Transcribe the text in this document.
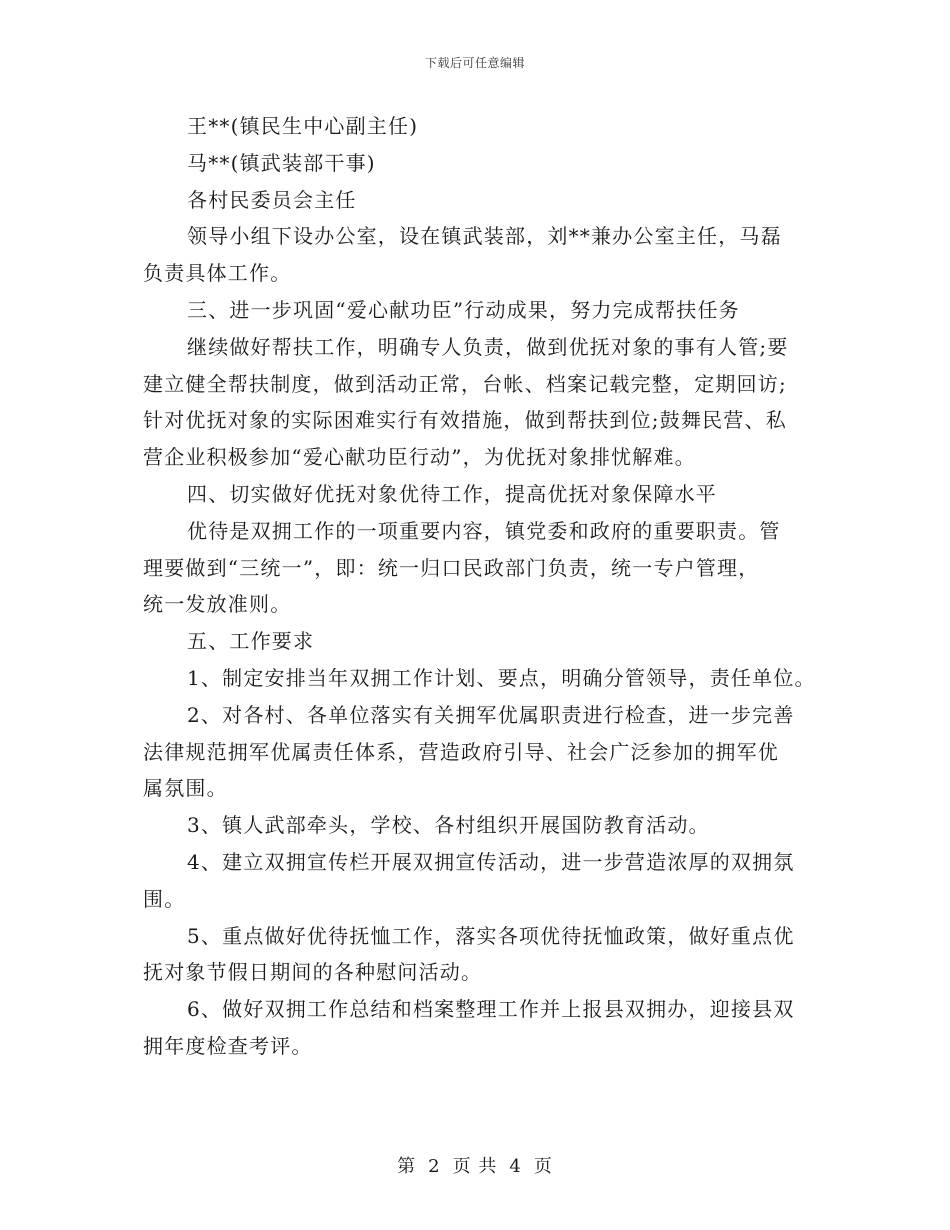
下载后可任意编辑
王**(镇民生中心副主任)
马**(镇武装部干事)
各村民委员会主任
领导小组下设办公室，设在镇武装部，刘**兼办公室主任，马磊
负责具体工作。
三、进一步巩固“爱心献功臣”行动成果，努力完成帮扶任务
继续做好帮扶工作，明确专人负责，做到优抚对象的事有人管;要
建立健全帮扶制度，做到活动正常，台帐、档案记载完整，定期回访;
针对优抚对象的实际困难实行有效措施，做到帮扶到位;鼓舞民营、私
营企业积极参加“爱心献功臣行动”，为优抚对象排忧解难。
四、切实做好优抚对象优待工作，提高优抚对象保障水平
优待是双拥工作的一项重要内容，镇党委和政府的重要职责。管
理要做到“三统一”，即：统一归口民政部门负责，统一专户管理，
统一发放准则。
五、工作要求
1、制定安排当年双拥工作计划、要点，明确分管领导，责任单位。
2、对各村、各单位落实有关拥军优属职责进行检查，进一步完善
法律规范拥军优属责任体系，营造政府引导、社会广泛参加的拥军优
属氛围。
3、镇人武部牵头，学校、各村组织开展国防教育活动。
4、建立双拥宣传栏开展双拥宣传活动，进一步营造浓厚的双拥氛
围。
5、重点做好优待抚恤工作，落实各项优待抚恤政策，做好重点优
抚对象节假日期间的各种慰问活动。
6、做好双拥工作总结和档案整理工作并上报县双拥办，迎接县双
拥年度检查考评。
第 2 页 共 4 页
